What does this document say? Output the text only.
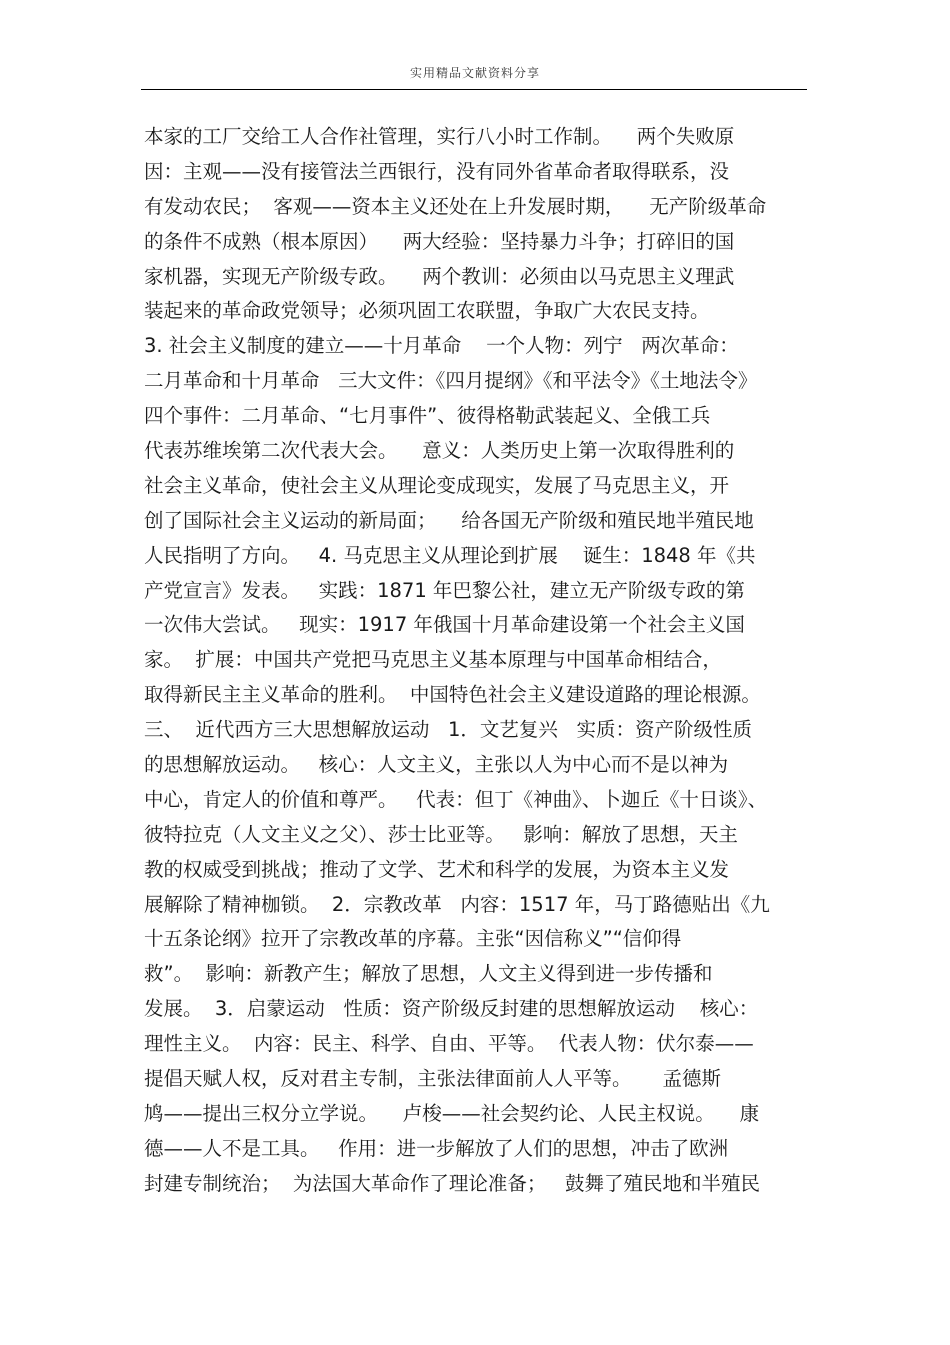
实用精品文献资料分享
本家的工厂交给工人合作社管理，实行八小时工作制。    两个失败原
因：主观——没有接管法兰西银行，没有同外省革命者取得联系，没
有发动农民；  客观——资本主义还处在上升发展时期，    无产阶级革命
的条件不成熟（根本原因）    两大经验：坚持暴力斗争；打碎旧的国
家机器，实现无产阶级专政。    两个教训：必须由以马克思主义理武
装起来的革命政党领导；必须巩固工农联盟，争取广大农民支持。
3. 社会主义制度的建立——十月革命    一个人物：列宁   两次革命：
二月革命和十月革命   三大文件：《四月提纲》《和平法令》《土地法令》
四个事件：二月革命、“七月事件”、彼得格勒武装起义、全俄工兵
代表苏维埃第二次代表大会。    意义：人类历史上第一次取得胜利的
社会主义革命，使社会主义从理论变成现实，发展了马克思主义，开
创了国际社会主义运动的新局面；    给各国无产阶级和殖民地半殖民地
人民指明了方向。   4. 马克思主义从理论到扩展    诞生：1848 年《共
产党宣言》发表。   实践：1871 年巴黎公社，建立无产阶级专政的第
一次伟大尝试。   现实：1917 年俄国十月革命建设第一个社会主义国
家。  扩展：中国共产党把马克思主义基本原理与中国革命相结合，
取得新民主主义革命的胜利。  中国特色社会主义建设道路的理论根源。
三、  近代西方三大思想解放运动   1．文艺复兴   实质：资产阶级性质
的思想解放运动。   核心：人文主义，主张以人为中心而不是以神为
中心，肯定人的价值和尊严。   代表：但丁《神曲》、卜迦丘《十日谈》、
彼特拉克（人文主义之父）、莎士比亚等。   影响：解放了思想，天主
教的权威受到挑战；推动了文学、艺术和科学的发展，为资本主义发
展解除了精神枷锁。  2．宗教改革   内容：1517 年，马丁路德贴出《九
十五条论纲》拉开了宗教改革的序幕。主张“因信称义”“信仰得
救”。  影响：新教产生；解放了思想，人文主义得到进一步传播和
发展。  3．启蒙运动   性质：资产阶级反封建的思想解放运动    核心：
理性主义。  内容：民主、科学、自由、平等。  代表人物：伏尔泰——
提倡天赋人权，反对君主专制，主张法律面前人人平等。     孟德斯
鸠——提出三权分立学说。    卢梭——社会契约论、人民主权说。    康
德——人不是工具。   作用：进一步解放了人们的思想，冲击了欧洲
封建专制统治；  为法国大革命作了理论准备；   鼓舞了殖民地和半殖民
